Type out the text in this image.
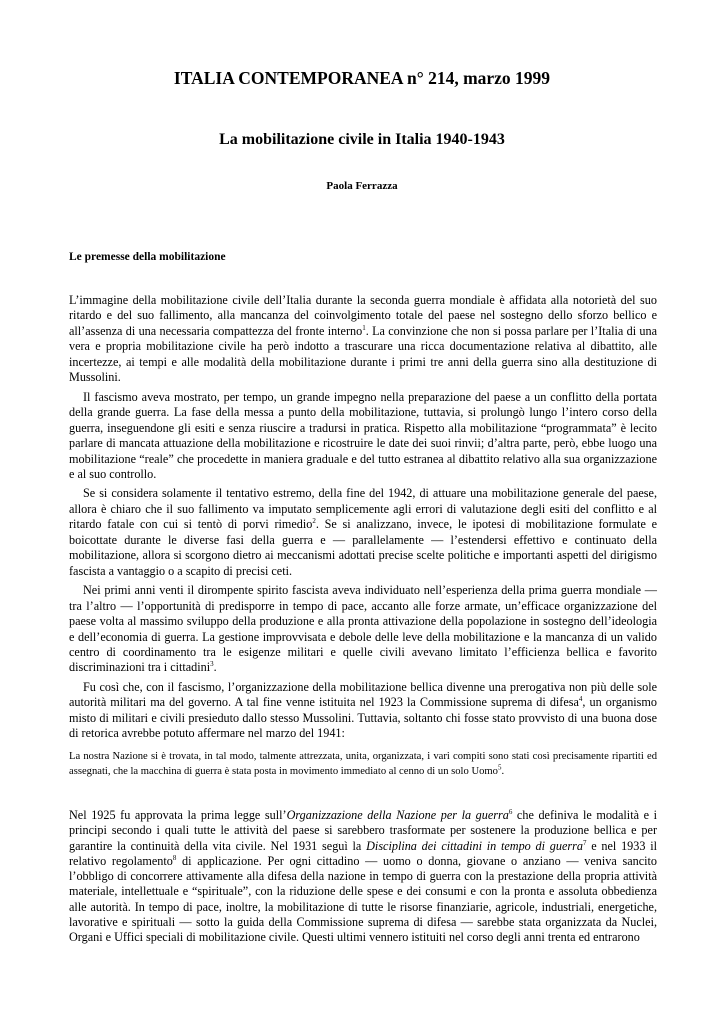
ITALIA CONTEMPORANEA n° 214, marzo 1999
La mobilitazione civile in Italia 1940-1943
Paola Ferrazza
Le premesse della mobilitazione

L’immagine della mobilitazione civile dell’Italia durante la seconda guerra mondiale è affidata alla notorietà del suo ritardo e del suo fallimento, alla mancanza del coinvolgimento totale del paese nel sostegno dello sforzo bellico e all’assenza di una necessaria compattezza del fronte interno$^1$. La convinzione che non si possa parlare per l’Italia di una vera e propria mobilitazione civile ha però indotto a trascurare una ricca documentazione relativa al dibattito, alle incertezze, ai tempi e alle modalità della mobilitazione durante i primi tre anni della guerra sino alla destituzione di Mussolini.

Il fascismo aveva mostrato, per tempo, un grande impegno nella preparazione del paese a un conflitto della portata della grande guerra. La fase della messa a punto della mobilitazione, tuttavia, si prolungò lungo l’intero corso della guerra, inseguendone gli esiti e senza riuscire a tradursi in pratica. Rispetto alla mobilitazione “programmata” è lecito parlare di mancata attuazione della mobilitazione e ricostruire le date dei suoi rinvii; d’altra parte, però, ebbe luogo una mobilitazione “reale” che procedette in maniera graduale e del tutto estranea al dibattito relativo alla sua organizzazione e al suo controllo.

Se si considera solamente il tentativo estremo, della fine del 1942, di attuare una mobilitazione generale del paese, allora è chiaro che il suo fallimento va imputato semplicemente agli errori di valutazione degli esiti del conflitto e al ritardo fatale con cui si tentò di porvi rimedio$^2$. Se si analizzano, invece, le ipotesi di mobilitazione formulate e boicottate durante le diverse fasi della guerra e — parallelamente — l’estendersi effettivo e continuato della mobilitazione, allora si scorgono dietro ai meccanismi adottati precise scelte politiche e importanti aspetti del dirigismo fascista a vantaggio o a scapito di precisi ceti.

Nei primi anni venti il dirompente spirito fascista aveva individuato nell’esperienza della prima guerra mondiale — tra l’altro — l’opportunità di predisporre in tempo di pace, accanto alle forze armate, un’efficace organizzazione del paese volta al massimo sviluppo della produzione e alla pronta attivazione della popolazione in sostegno dell’ideologia e dell’economia di guerra. La gestione improvvisata e debole delle leve della mobilitazione e la mancanza di un valido centro di coordinamento tra le esigenze militari e quelle civili avevano limitato l’efficienza bellica e favorito discriminazioni tra i cittadini$^3$.

Fu così che, con il fascismo, l’organizzazione della mobilitazione bellica divenne una prerogativa non più delle sole autorità militari ma del governo. A tal fine venne istituita nel 1923 la Commissione suprema di difesa$^4$, un organismo misto di militari e civili presieduto dallo stesso Mussolini. Tuttavia, soltanto chi fosse stato provvisto di una buona dose di retorica avrebbe potuto affermare nel marzo del 1941:

La nostra Nazione si è trovata, in tal modo, talmente attrezzata, unita, organizzata, i vari compiti sono stati così precisamente ripartiti ed assegnati, che la macchina di guerra è stata posta in movimento immediato al cenno di un solo Uomo$^5$.
Nel 1925 fu approvata la prima legge sull’Organizzazione della Nazione per la guerra$^6$ che definiva le modalità e i principi secondo i quali tutte le attività del paese si sarebbero trasformate per sostenere la produzione bellica e per garantire la continuità della vita civile. Nel 1931 seguì la Disciplina dei cittadini in tempo di guerra$^7$ e nel 1933 il relativo regolamento$^8$ di applicazione. Per ogni cittadino — uomo o donna, giovane o anziano — veniva sancito l’obbligo di concorrere attivamente alla difesa della nazione in tempo di guerra con la prestazione della propria attività materiale, intellettuale e “spirituale”, con la riduzione delle spese e dei consumi e con la pronta e assoluta obbedienza alle autorità. In tempo di pace, inoltre, la mobilitazione di tutte le risorse finanziarie, agricole, industriali, energetiche, lavorative e spirituali — sotto la guida della Commissione suprema di difesa — sarebbe stata organizzata da Nuclei, Organi e Uffici speciali di mobilitazione civile. Questi ultimi vennero istituiti nel corso degli anni trenta ed entrarono
